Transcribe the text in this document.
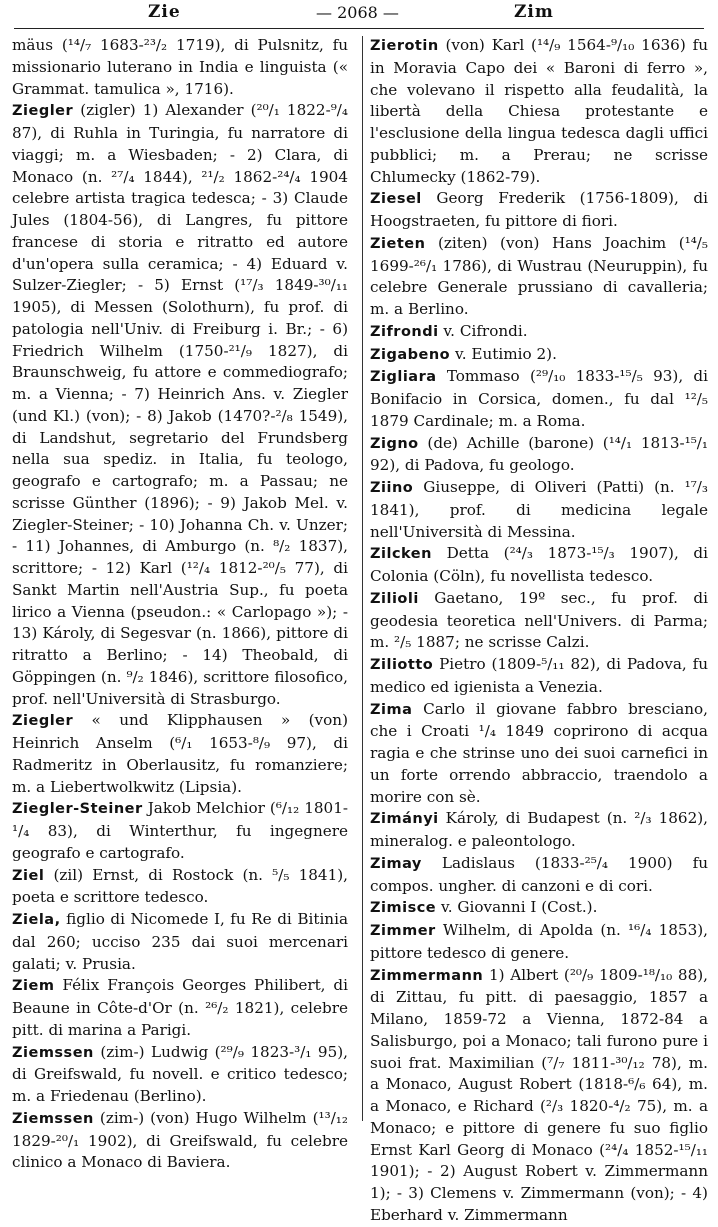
Zie	— 2068 —	Zim

mäus (¹⁴/₇ 1683-²³/₂ 1719), di Pulsnitz, fu missionario luterano in India e linguista (« Grammat. tamulica », 1716).

Ziegler (zigler) 1) Alexander (²⁰/₁ 1822-⁹/₄ 87), di Ruhla in Turingia, fu narratore di viaggi; m. a Wiesbaden; - 2) Clara, di Monaco (n. ²⁷/₄ 1844), ²¹/₂ 1862-²⁴/₄ 1904 celebre artista tragica tedesca; - 3) Claude Jules (1804-56), di Langres, fu pittore francese di storia e ritratto ed autore d'un'opera sulla ceramica; - 4) Eduard v. Sulzer-Ziegler; - 5) Ernst (¹⁷/₃ 1849-³⁰/₁₁ 1905), di Messen (Solothurn), fu prof. di patologia nell'Univ. di Freiburg i. Br.; - 6) Friedrich Wilhelm (1750-²¹/₉ 1827), di Braunschweig, fu attore e commediografo; m. a Vienna; - 7) Heinrich Ans. v. Ziegler (und Kl.) (von); - 8) Jakob (1470?-²/₈ 1549), di Landshut, segretario del Frundsberg nella sua spediz. in Italia, fu teologo, geografo e cartografo; m. a Passau; ne scrisse Günther (1896); - 9) Jakob Mel. v. Ziegler-Steiner; - 10) Johanna Ch. v. Unzer; - 11) Johannes, di Amburgo (n. ⁸/₂ 1837), scrittore; - 12) Karl (¹²/₄ 1812-²⁰/₅ 77), di Sankt Martin nell'Austria Sup., fu poeta lirico a Vienna (pseudon.: « Carlopago »); - 13) Károly, di Segesvar (n. 1866), pittore di ritratto a Berlino; - 14) Theobald, di Göppingen (n. ⁹/₂ 1846), scrittore filosofico, prof. nell'Università di Strasburgo.

Ziegler « und Klipphausen » (von) Heinrich Anselm (⁶/₁ 1653-⁸/₉ 97), di Radmeritz in Oberlausitz, fu romanziere; m. a Liebertwolkwitz (Lipsia).

Ziegler-Steiner Jakob Melchior (⁶/₁₂ 1801-¹/₄ 83), di Winterthur, fu ingegnere geografo e cartografo.

Ziel (zil) Ernst, di Rostock (n. ⁵/₅ 1841), poeta e scrittore tedesco.

Ziela, figlio di Nicomede I, fu Re di Bitinia dal 260; ucciso 235 dai suoi mercenari galati; v. Prusia.

Ziem Félix François Georges Philibert, di Beaune in Côte-d'Or (n. ²⁶/₂ 1821), celebre pitt. di marina a Parigi.

Ziemssen (zim-) Ludwig (²⁹/₉ 1823-³/₁ 95), di Greifswald, fu novell. e critico tedesco; m. a Friedenau (Berlino).

Ziemssen (zim-) (von) Hugo Wilhelm (¹³/₁₂ 1829-²⁰/₁ 1902), di Greifswald, fu celebre clinico a Monaco di Baviera.

Zierotin (von) Karl (¹⁴/₉ 1564-⁹/₁₀ 1636) fu in Moravia Capo dei « Baroni di ferro », che volevano il rispetto alla feudalità, la libertà della Chiesa protestante e l'esclusione della lingua tedesca dagli uffici pubblici; m. a Prerau; ne scrisse Chlumecky (1862-79).

Ziesel Georg Frederik (1756-1809), di Hoogstraeten, fu pittore di fiori.

Zieten (ziten) (von) Hans Joachim (¹⁴/₅ 1699-²⁶/₁ 1786), di Wustrau (Neuruppin), fu celebre Generale prussiano di cavalleria; m. a Berlino.

Zifrondi v. Cifrondi.

Zigabeno v. Eutimio 2).

Zigliara Tommaso (²⁹/₁₀ 1833-¹⁵/₅ 93), di Bonifacio in Corsica, domen., fu dal ¹²/₅ 1879 Cardinale; m. a Roma.

Zigno (de) Achille (barone) (¹⁴/₁ 1813-¹⁵/₁ 92), di Padova, fu geologo.

Ziino Giuseppe, di Oliveri (Patti) (n. ¹⁷/₃ 1841), prof. di medicina legale nell'Università di Messina.

Zilcken Detta (²⁴/₃ 1873-¹⁵/₃ 1907), di Colonia (Cöln), fu novellista tedesco.

Zilioli Gaetano, 19º sec., fu prof. di geodesia teoretica nell'Univers. di Parma; m. ²/₅ 1887; ne scrisse Calzi.

Ziliotto Pietro (1809-⁵/₁₁ 82), di Padova, fu medico ed igienista a Venezia.

Zima Carlo il giovane fabbro bresciano, che i Croati ¹/₄ 1849 coprirono di acqua ragia e che strinse uno dei suoi carnefici in un forte orrendo abbraccio, traendolo a morire con sè.

Zimányi Károly, di Budapest (n. ²/₃ 1862), mineralog. e paleontologo.

Zimay Ladislaus (1833-²⁵/₄ 1900) fu compos. ungher. di canzoni e di cori.

Zimisce v. Giovanni I (Cost.).

Zimmer Wilhelm, di Apolda (n. ¹⁶/₄ 1853), pittore tedesco di genere.

Zimmermann 1) Albert (²⁰/₉ 1809-¹⁸/₁₀ 88), di Zittau, fu pitt. di paesaggio, 1857 a Milano, 1859-72 a Vienna, 1872-84 a Salisburgo, poi a Monaco; tali furono pure i suoi frat. Maximilian (⁷/₇ 1811-³⁰/₁₂ 78), m. a Monaco, August Robert (1818-⁶/₆ 64), m. a Monaco, e Richard (²/₃ 1820-⁴/₂ 75), m. a Monaco; e pittore di genere fu suo figlio Ernst Karl Georg di Monaco (²⁴/₄ 1852-¹⁵/₁₁ 1901); - 2) August Robert v. Zimmermann 1); - 3) Clemens v. Zimmermann (von); - 4) Eberhard v. Zimmermann
